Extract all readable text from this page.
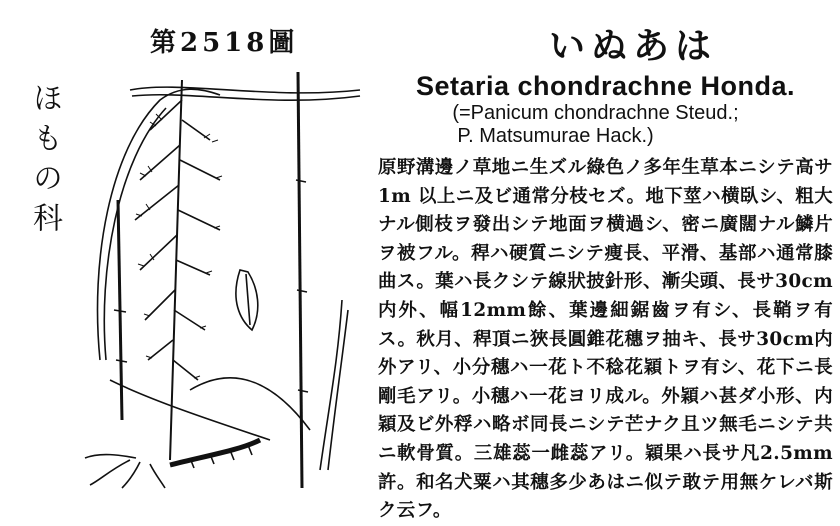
第2518圖
ほもの科
いぬあは
Setaria chondrachne Honda.
(=Panicum chondrachne Steud.;
P. Matsumurae Hack.)
原野溝邊ノ草地ニ生ズル綠色ノ多年生草本ニシテ高サ 1m 以上ニ及ビ通常分枝セズ。地下莖ハ横臥シ、粗大ナル側枝ヲ發出シテ地面ヲ横過シ、密ニ廣闊ナル鱗片ヲ被フル。稈ハ硬質ニシテ痩長、平滑、基部ハ通常膝曲ス。葉ハ長クシテ線狀披針形、漸尖頭、長サ30cm内外、幅12mm餘、葉邊細鋸齒ヲ有シ、長鞘ヲ有ス。秋月、稈頂ニ狹長圓錐花穗ヲ抽キ、長サ30cm内外アリ、小分穗ハ一花ト不稔花穎トヲ有シ、花下ニ長剛毛アリ。小穗ハ一花ヨリ成ル。外穎ハ甚ダ小形、内穎及ビ外稃ハ略ボ同長ニシテ芒ナク且ツ無毛ニシテ共ニ軟骨質。三雄蕊一雌蕊アリ。穎果ハ長サ凡2.5mm 許。和名犬粟ハ其穗多少あはニ似テ敢テ用無ケレバ斯ク云フ。
